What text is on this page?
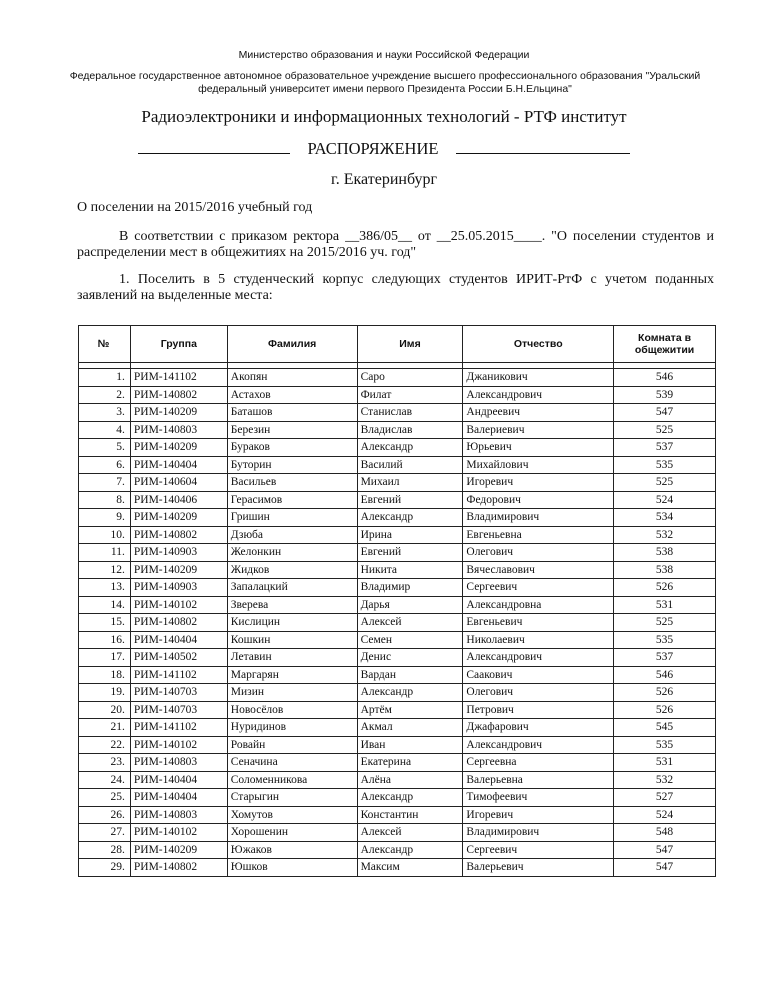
Министерство образования и науки Российской Федерации
Федеральное государственное автономное образовательное учреждение высшего профессионального образования "Уральский федеральный университет имени первого Президента России Б.Н.Ельцина"
Радиоэлектроники и информационных технологий - РТФ институт
РАСПОРЯЖЕНИЕ
г. Екатеринбург
О поселении на 2015/2016 учебный год
В соответствии с приказом ректора __386/05__ от __25.05.2015____. "О поселении студентов и распределении мест в общежитиях на 2015/2016 уч. год"
1. Поселить в 5 студенческий корпус следующих студентов ИРИТ-РтФ с учетом поданных заявлений на выделенные места:
№	Группа	Фамилия	Имя	Отчество	Комната в общежитии

1.	РИМ-141102	Акопян	Саро	Джаникович	546
2.	РИМ-140802	Астахов	Филат	Александрович	539
3.	РИМ-140209	Баташов	Станислав	Андреевич	547
4.	РИМ-140803	Березин	Владислав	Валериевич	525
5.	РИМ-140209	Бураков	Александр	Юрьевич	537
6.	РИМ-140404	Буторин	Василий	Михайлович	535
7.	РИМ-140604	Васильев	Михаил	Игоревич	525
8.	РИМ-140406	Герасимов	Евгений	Федорович	524
9.	РИМ-140209	Гришин	Александр	Владимирович	534
10.	РИМ-140802	Дзюба	Ирина	Евгеньевна	532
11.	РИМ-140903	Желонкин	Евгений	Олегович	538
12.	РИМ-140209	Жидков	Никита	Вячеславович	538
13.	РИМ-140903	Запалацкий	Владимир	Сергеевич	526
14.	РИМ-140102	Зверева	Дарья	Александровна	531
15.	РИМ-140802	Кислицин	Алексей	Евгеньевич	525
16.	РИМ-140404	Кошкин	Семен	Николаевич	535
17.	РИМ-140502	Летавин	Денис	Александрович	537
18.	РИМ-141102	Маргарян	Вардан	Саакович	546
19.	РИМ-140703	Мизин	Александр	Олегович	526
20.	РИМ-140703	Новосёлов	Артём	Петрович	526
21.	РИМ-141102	Нуридинов	Акмал	Джафарович	545
22.	РИМ-140102	Ровайн	Иван	Александрович	535
23.	РИМ-140803	Сеначина	Екатерина	Сергеевна	531
24.	РИМ-140404	Соломенникова	Алёна	Валерьевна	532
25.	РИМ-140404	Старыгин	Александр	Тимофеевич	527
26.	РИМ-140803	Хомутов	Константин	Игоревич	524
27.	РИМ-140102	Хорошенин	Алексей	Владимирович	548
28.	РИМ-140209	Южаков	Александр	Сергеевич	547
29.	РИМ-140802	Юшков	Максим	Валерьевич	547
